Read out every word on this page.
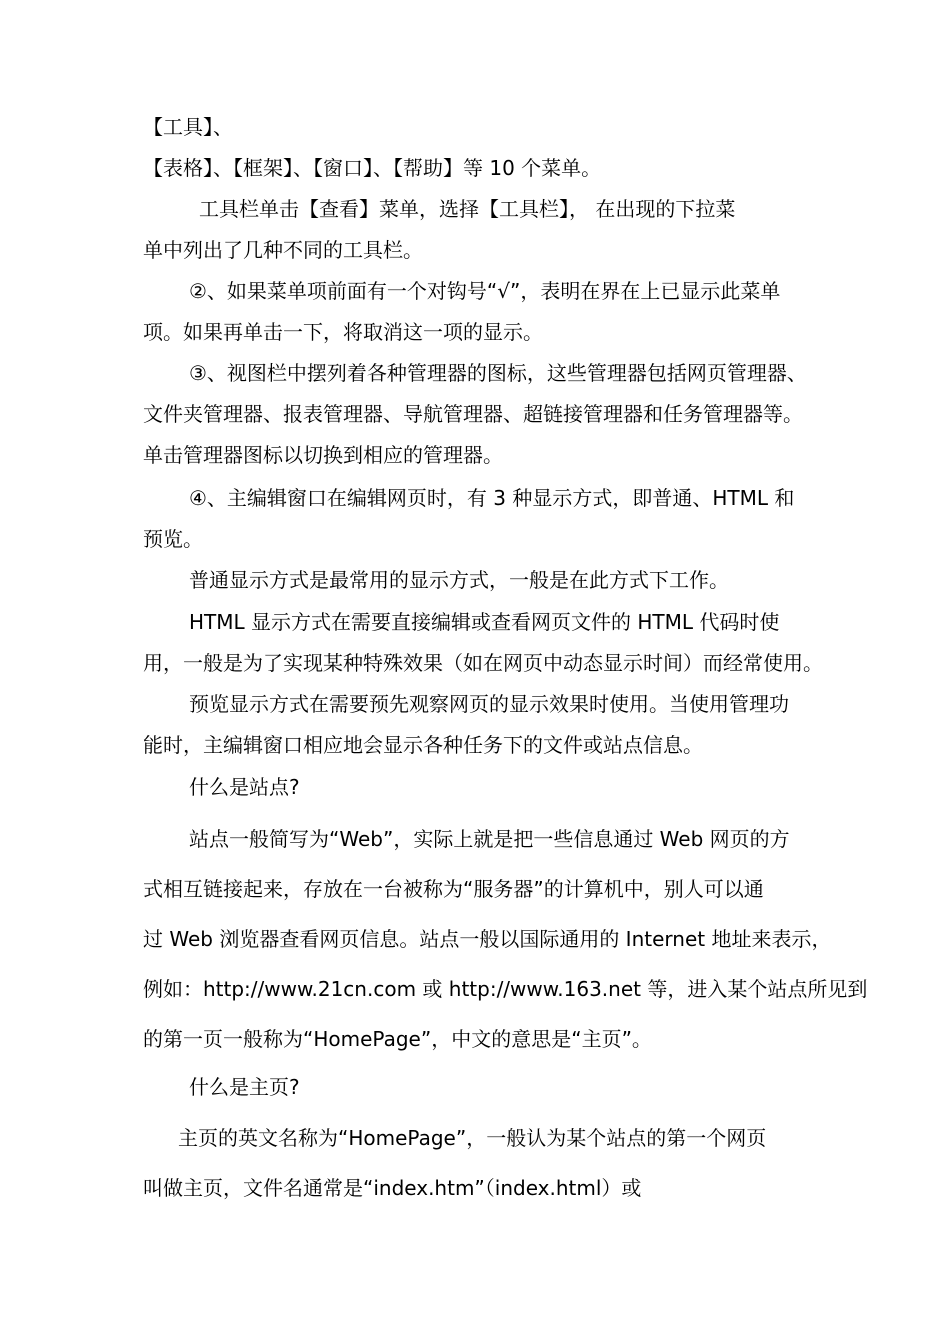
【工具】、
【表格】、【框架】、【窗口】、【帮助】等 10 个菜单。
工具栏单击【查看】菜单，选择【工具栏】， 在出现的下拉菜
单中列出了几种不同的工具栏。
②、如果菜单项前面有一个对钩号“√”，表明在界在上已显示此菜单
项。如果再单击一下，将取消这一项的显示。
③、视图栏中摆列着各种管理器的图标，这些管理器包括网页管理器、
文件夹管理器、报表管理器、导航管理器、超链接管理器和任务管理器等。
单击管理器图标以切换到相应的管理器。
④、主编辑窗口在编辑网页时，有 3 种显示方式，即普通、HTML 和
预览。
普通显示方式是最常用的显示方式，一般是在此方式下工作。
HTML 显示方式在需要直接编辑或查看网页文件的 HTML 代码时使
用，一般是为了实现某种特殊效果（如在网页中动态显示时间）而经常使用。
预览显示方式在需要预先观察网页的显示效果时使用。当使用管理功
能时，主编辑窗口相应地会显示各种任务下的文件或站点信息。
什么是站点?
站点一般简写为“Web”，实际上就是把一些信息通过 Web 网页的方
式相互链接起来，存放在一台被称为“服务器”的计算机中，别人可以通
过 Web 浏览器查看网页信息。站点一般以国际通用的 Internet 地址来表示，
例如：http://www.21cn.com 或 http://www.163.net 等，进入某个站点所见到
的第一页一般称为“HomePage”，中文的意思是“主页”。
什么是主页?
主页的英文名称为“HomePage”，一般认为某个站点的第一个网页
叫做主页，文件名通常是“index.htm”（index.html）或
